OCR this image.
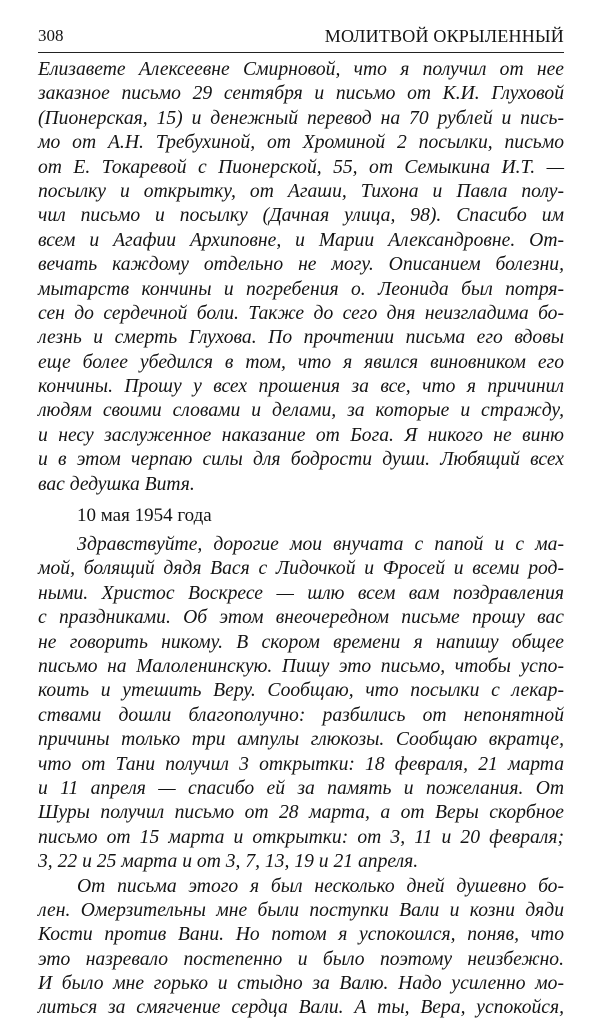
308	МОЛИТВОЙ ОКРЫЛЕННЫЙ
Елизавете Алексеевне Смирновой, что я получил от нее
заказное письмо 29 сентября и письмо от К.И. Глуховой
(Пионерская, 15) и денежный перевод на 70 рублей и пись-
мо от А.Н. Требухиной, от Хроминой 2 посылки, письмо
от Е. Токаревой с Пионерской, 55, от Семыкина И.Т. —
посылку и открытку, от Агаши, Тихона и Павла полу-
чил письмо и посылку (Дачная улица, 98). Спасибо им
всем и Агафии Архиповне, и Марии Александровне. От-
вечать каждому отдельно не могу. Описанием болезни,
мытарств кончины и погребения о. Леонида был потря-
сен до сердечной боли. Также до сего дня неизгладима бо-
лезнь и смерть Глухова. По прочтении письма его вдовы
еще более убедился в том, что я явился виновником его
кончины. Прошу у всех прошения за все, что я причинил
людям своими словами и делами, за которые и стражду,
и несу заслуженное наказание от Бога. Я никого не виню
и в этом черпаю силы для бодрости души. Любящий всех
вас дедушка Витя.
10 мая 1954 года
Здравствуйте, дорогие мои внучата с папой и с ма-
мой, болящий дядя Вася с Лидочкой и Фросей и всеми род-
ными. Христос Воскресе — шлю всем вам поздравления
с праздниками. Об этом внеочередном письме прошу вас
не говорить никому. В скором времени я напишу общее
письмо на Малоленинскую. Пишу это письмо, чтобы успо-
коить и утешить Веру. Сообщаю, что посылки с лекар-
ствами дошли благополучно: разбились от непонятной
причины только три ампулы глюкозы. Сообщаю вкратце,
что от Тани получил 3 открытки: 18 февраля, 21 марта
и 11 апреля — спасибо ей за память и пожелания. От
Шуры получил письмо от 28 марта, а от Веры скорбное
письмо от 15 марта и открытки: от 3, 11 и 20 февраля;
3, 22 и 25 марта и от 3, 7, 13, 19 и 21 апреля.
От письма этого я был несколько дней душевно бо-
лен. Омерзительны мне были поступки Вали и козни дяди
Кости против Вани. Но потом я успокоился, поняв, что
это назревало постепенно и было поэтому неизбежно.
И было мне горько и стыдно за Валю. Надо усиленно мо-
литься за смягчение сердца Вали. А ты, Вера, успокойся,
